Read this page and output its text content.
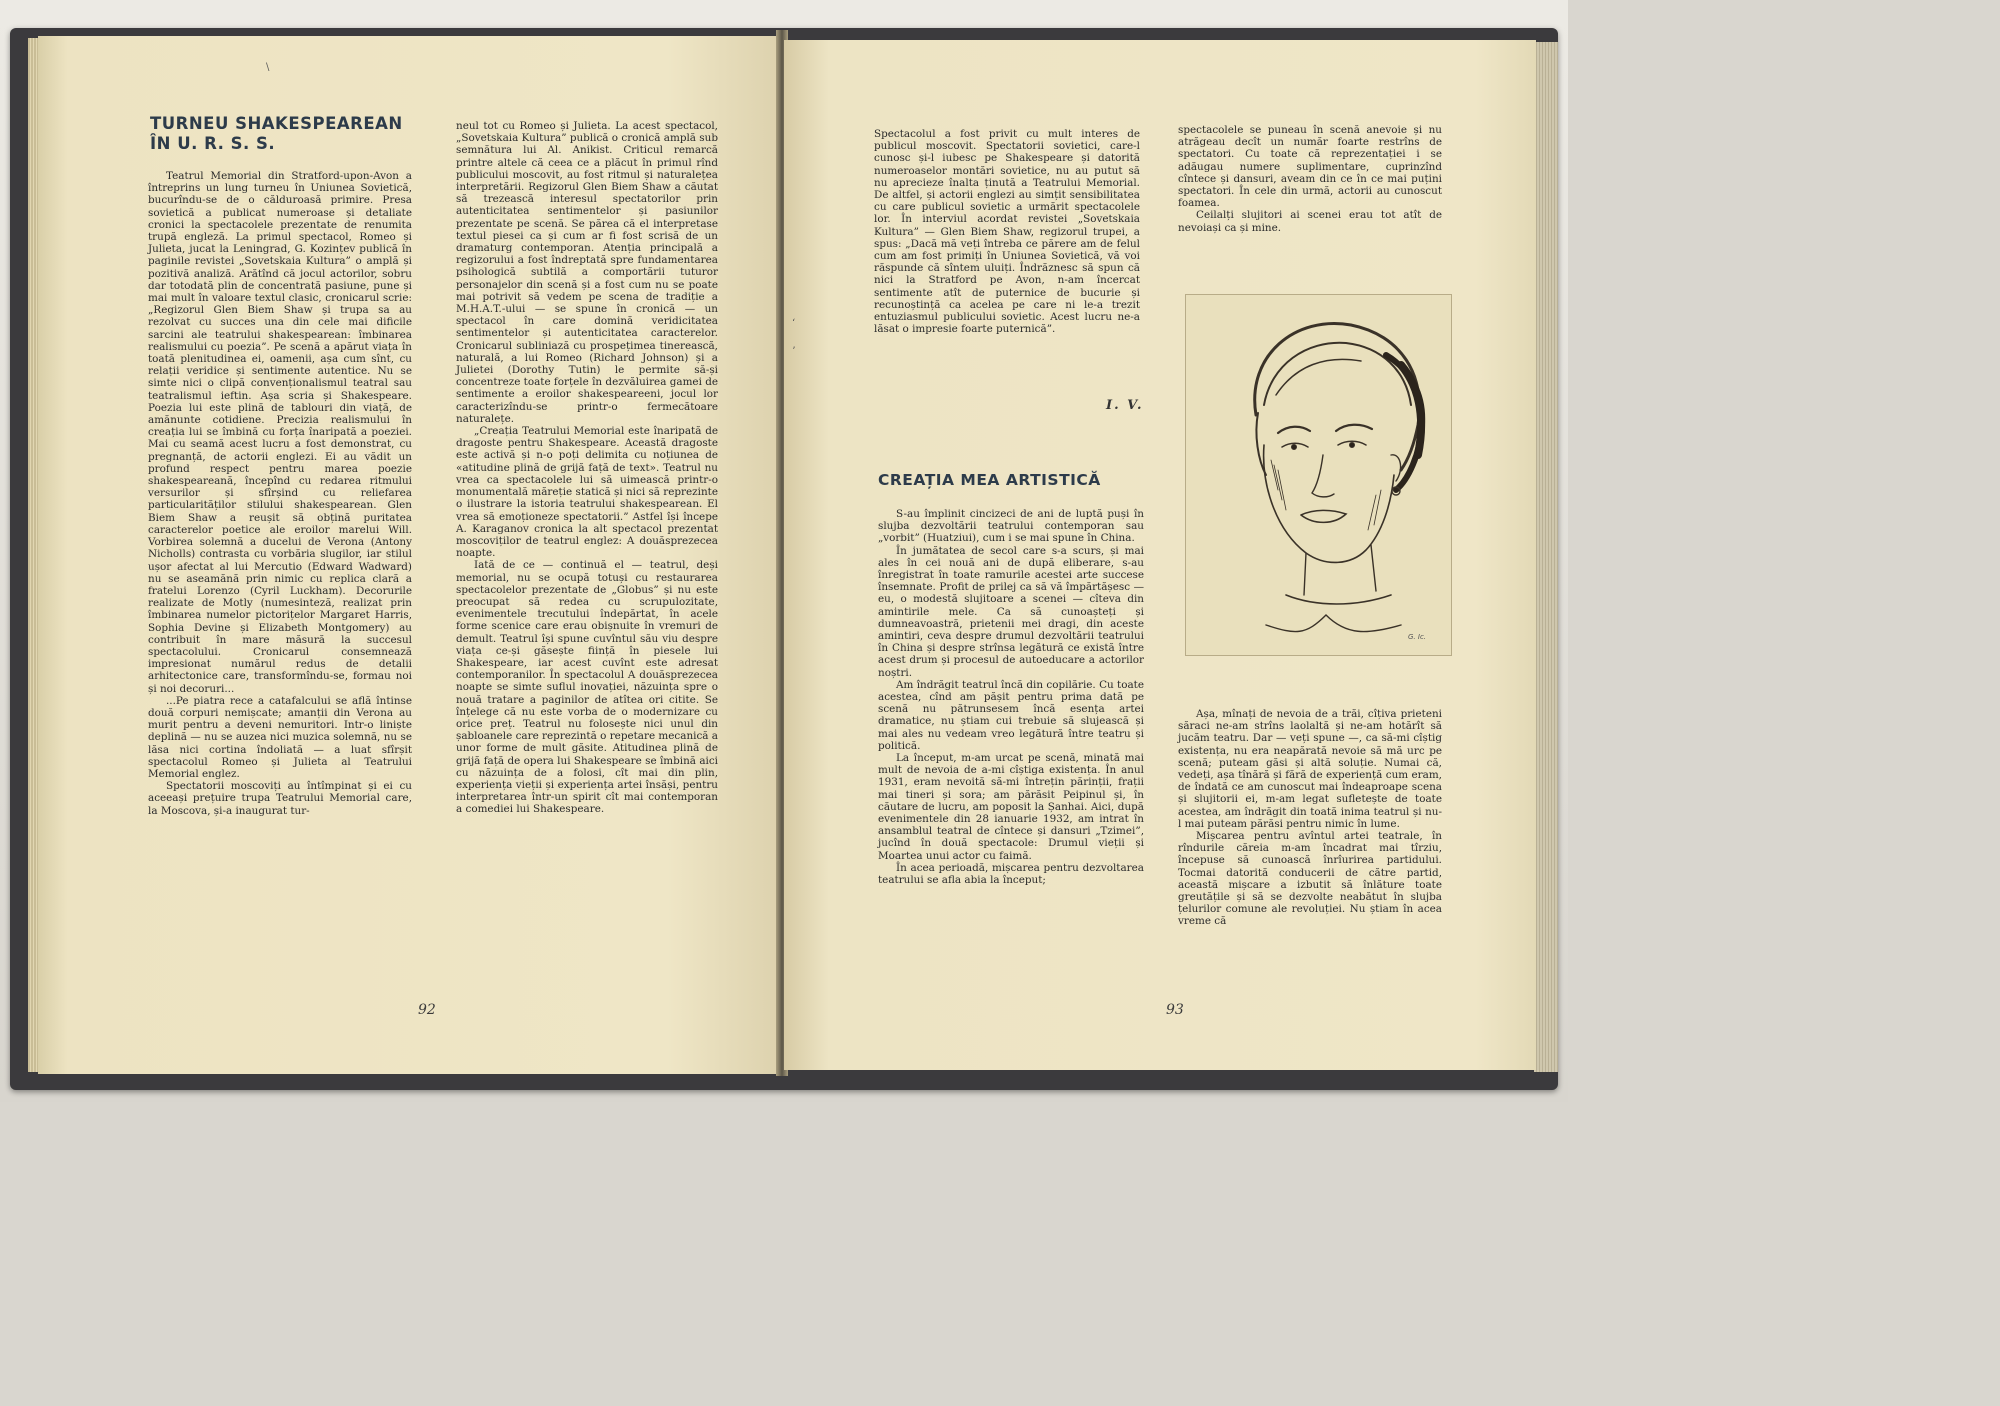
\
TURNEU SHAKESPEAREAN
ÎN U. R. S. S.

Teatrul Memorial din Stratford-upon-Avon a întreprins un lung turneu în Uniunea Sovietică, bucurîndu-se de o călduroasă primire. Presa sovietică a publicat numeroase și detaliate cronici la spectacolele prezentate de renumita trupă engleză. La primul spectacol, Romeo și Julieta, jucat la Leningrad, G. Kozințev publică în paginile revistei „Sovetskaia Kultura” o amplă și pozitivă analiză. Arătînd că jocul actorilor, sobru dar totodată plin de concentrată pasiune, pune și mai mult în valoare textul clasic, cronicarul scrie: „Regizorul Glen Biem Shaw și trupa sa au rezolvat cu succes una din cele mai dificile sarcini ale teatrului shakespearean: îmbinarea realismului cu poezia”. Pe scenă a apărut viața în toată plenitudinea ei, oamenii, așa cum sînt, cu relații veridice și sentimente autentice. Nu se simte nici o clipă convenționalismul teatral sau teatralismul ieftin. Așa scria și Shakespeare. Poezia lui este plină de tablouri din viață, de amănunte cotidiene. Precizia realismului în creația lui se îmbină cu forța înaripată a poeziei. Mai cu seamă acest lucru a fost demonstrat, cu pregnanță, de actorii englezi. Ei au vădit un profund respect pentru marea poezie shakespeareană, începînd cu redarea ritmului versurilor și sfîrșind cu reliefarea particularităților stilului shakespearean. Glen Biem Shaw a reușit să obțină puritatea caracterelor poetice ale eroilor marelui Will. Vorbirea solemnă a ducelui de Verona (Antony Nicholls) contrasta cu vorbăria slugilor, iar stilul ușor afectat al lui Mercutio (Edward Wadward) nu se aseamănă prin nimic cu replica clară a fratelui Lorenzo (Cyril Luckham). Decorurile realizate de Motly (numesinteză, realizat prin îmbinarea numelor pictorițelor Margaret Harris, Sophia Devine și Elizabeth Montgomery) au contribuit în mare măsură la succesul spectacolului. Cronicarul consemnează impresionat numărul redus de detalii arhitectonice care, transformîndu-se, formau noi și noi decoruri...

...Pe piatra rece a catafalcului se află întinse două corpuri nemișcate; amanții din Verona au murit pentru a deveni nemuritori. Intr-o liniște deplină — nu se auzea nici muzica solemnă, nu se lăsa nici cortina îndoliată — a luat sfîrșit spectacolul Romeo și Julieta al Teatrului Memorial englez.

Spectatorii moscoviți au întîmpinat și ei cu aceeași prețuire trupa Teatrului Memorial care, la Moscova, și-a inaugurat tur-

neul tot cu Romeo și Julieta. La acest spectacol, „Sovetskaia Kultura” publică o cronică amplă sub semnătura lui Al. Anikist. Criticul remarcă printre altele că ceea ce a plăcut în primul rînd publicului moscovit, au fost ritmul și naturalețea interpretării. Regizorul Glen Biem Shaw a căutat să trezească interesul spectatorilor prin autenticitatea sentimentelor și pasiunilor prezentate pe scenă. Se părea că el interpretase textul piesei ca și cum ar fi fost scrisă de un dramaturg contemporan. Atenția principală a regizorului a fost îndreptată spre fundamentarea psihologică subtilă a comportării tuturor personajelor din scenă și a fost cum nu se poate mai potrivit să vedem pe scena de tradiție a M.H.A.T.-ului — se spune în cronică — un spectacol în care domină veridicitatea sentimentelor și autenticitatea caracterelor. Cronicarul subliniază cu prospețimea tinerească, naturală, a lui Romeo (Richard Johnson) și a Julietei (Dorothy Tutin) le permite să-și concentreze toate forțele în dezvăluirea gamei de sentimente a eroilor shakespeareeni, jocul lor caracterizîndu-se printr-o fermecătoare naturalețe.

„Creația Teatrului Memorial este înaripată de dragoste pentru Shakespeare. Această dragoste este activă și n-o poți delimita cu noțiunea de «atitudine plină de grijă față de text». Teatrul nu vrea ca spectacolele lui să uimească printr-o monumentală măreție statică și nici să reprezinte o ilustrare la istoria teatrului shakespearean. El vrea să emoționeze spectatorii.” Astfel își începe A. Karaganov cronica la alt spectacol prezentat moscoviților de teatrul englez: A douăsprezecea noapte.

Iată de ce — continuă el — teatrul, deși memorial, nu se ocupă totuși cu restaurarea spectacolelor prezentate de „Globus” și nu este preocupat să redea cu scrupulozitate, evenimentele trecutului îndepărtat, în acele forme scenice care erau obișnuite în vremuri de demult. Teatrul își spune cuvîntul său viu despre viața ce-și găsește ființă în piesele lui Shakespeare, iar acest cuvînt este adresat contemporanilor. În spectacolul A douăsprezecea noapte se simte suflul inovației, năzuința spre o nouă tratare a paginilor de atîtea ori citite. Se înțelege că nu este vorba de o modernizare cu orice preț. Teatrul nu folosește nici unul din șabloanele care reprezintă o repetare mecanică a unor forme de mult găsite. Atitudinea plină de grijă față de opera lui Shakespeare se îmbină aici cu năzuința de a folosi, cît mai din plin, experiența vieții și experiența artei însăși, pentru interpretarea într-un spirit cît mai contemporan a comediei lui Shakespeare.

92
ʻ
ʼ

Spectacolul a fost privit cu mult interes de publicul moscovit. Spectatorii sovietici, care-l cunosc și-l iubesc pe Shakespeare și datorită numeroaselor montări sovietice, nu au putut să nu aprecieze înalta ținută a Teatrului Memorial. De altfel, și actorii englezi au simțit sensibilitatea cu care publicul sovietic a urmărit spectacolele lor. În interviul acordat revistei „Sovetskaia Kultura” — Glen Biem Shaw, regizorul trupei, a spus: „Dacă mă veți întreba ce părere am de felul cum am fost primiți în Uniunea Sovietică, vă voi răspunde că sîntem uluiți. Îndrăznesc să spun că nici la Stratford pe Avon, n-am încercat sentimente atît de puternice de bucurie și recunoștință ca acelea pe care ni le-a trezit entuziasmul publicului sovietic. Acest lucru ne-a lăsat o impresie foarte puternică”.

I. V.
CREAȚIA MEA ARTISTICĂ

S-au împlinit cincizeci de ani de luptă puși în slujba dezvoltării teatrului contemporan sau „vorbit” (Huatziui), cum i se mai spune în China.

În jumătatea de secol care s-a scurs, și mai ales în cei nouă ani de după eliberare, s-au înregistrat în toate ramurile acestei arte succese însemnate. Profit de prilej ca să vă împărtășesc — eu, o modestă slujitoare a scenei — cîteva din amintirile mele. Ca să cunoașteți și dumneavoastră, prietenii mei dragi, din aceste amintiri, ceva despre drumul dezvoltării teatrului în China și despre strînsa legătură ce există între acest drum și procesul de autoeducare a actorilor noștri.

Am îndrăgit teatrul încă din copilărie. Cu toate acestea, cînd am pășit pentru prima dată pe scenă nu pătrunsesem încă esența artei dramatice, nu știam cui trebuie să slujească și mai ales nu vedeam vreo legătură între teatru și politică.

La început, m-am urcat pe scenă, minată mai mult de nevoia de a-mi cîștiga existența. În anul 1931, eram nevoită să-mi întrețin părinții, frații mai tineri și sora; am părăsit Peipinul și, în căutare de lucru, am poposit la Șanhai. Aici, după evenimentele din 28 ianuarie 1932, am intrat în ansamblul teatral de cîntece și dansuri „Tzimei”, jucînd în două spectacole: Drumul vieții și Moartea unui actor cu faimă.

În acea perioadă, mișcarea pentru dezvoltarea teatrului se afla abia la început;

spectacolele se puneau în scenă anevoie și nu atrăgeau decît un număr foarte restrîns de spectatori. Cu toate că reprezentației i se adăugau numere suplimentare, cuprinzînd cîntece și dansuri, aveam din ce în ce mai puțini spectatori. În cele din urmă, actorii au cunoscut foamea.

Ceilalți slujitori ai scenei erau tot atît de nevoiași ca și mine.

G. Ic.

Așa, mînați de nevoia de a trăi, cîțiva prieteni săraci ne-am strîns laolaltă și ne-am hotărît să jucăm teatru. Dar — veți spune —, ca să-mi cîștig existența, nu era neapărată nevoie să mă urc pe scenă; puteam găsi și altă soluție. Numai că, vedeți, așa tînără și fără de experiență cum eram, de îndată ce am cunoscut mai îndeaproape scena și slujitorii ei, m-am legat sufletește de toate acestea, am îndrăgit din toată inima teatrul și nu-l mai puteam părăsi pentru nimic în lume.

Mișcarea pentru avîntul artei teatrale, în rîndurile căreia m-am încadrat mai tîrziu, începuse să cunoască înrîurirea partidului. Tocmai datorită conducerii de către partid, această mișcare a izbutit să înlăture toate greutățile și să se dezvolte neabătut în slujba țelurilor comune ale revoluției. Nu știam în acea vreme că

93
